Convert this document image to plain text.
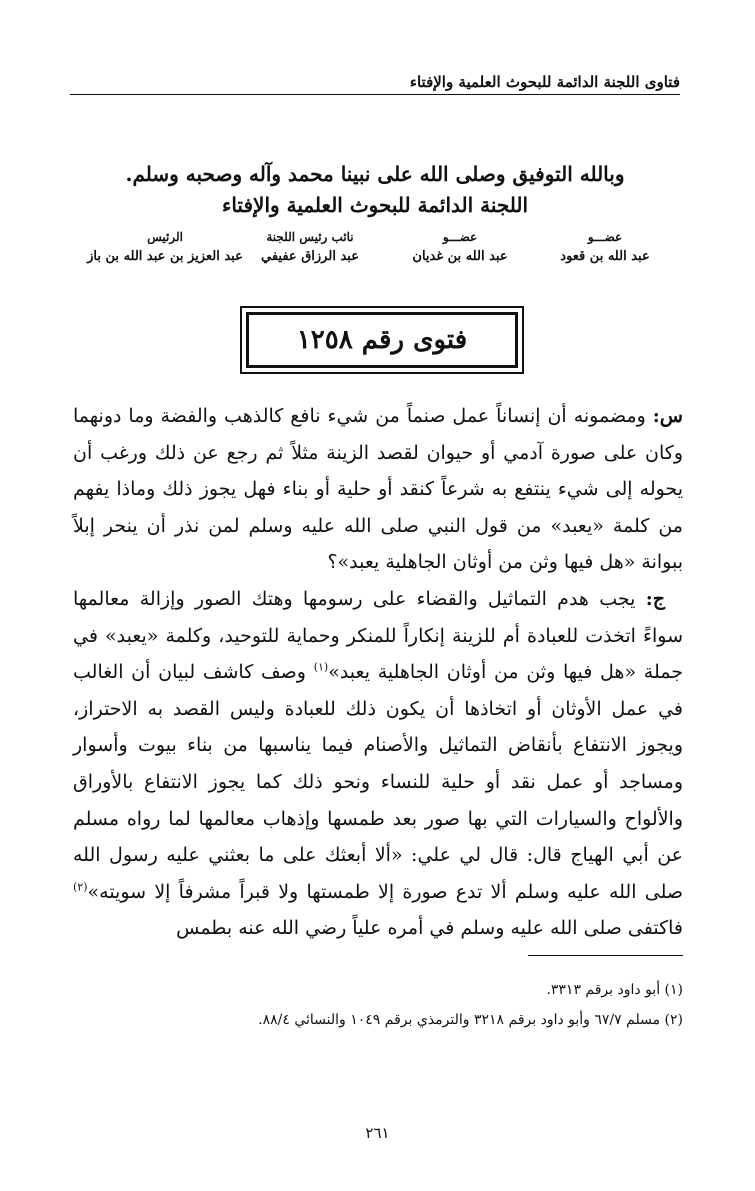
فتاوى اللجنة الدائمة للبحوث العلمية والإفتاء
وبالله التوفيق وصلى الله على نبينا محمد وآله وصحبه وسلم.
اللجنة الدائمة للبحوث العلمية والإفتاء
عضـــو
عبد الله بن قعود
عضـــو
عبد الله بن غديان
نائب رئيس اللجنة
عبد الرزاق عفيفي
الرئيس
عبد العزيز بن عبد الله بن باز
فتوى رقم ١٢٥٨

س: ومضمونه أن إنساناً عمل صنماً من شيء نافع كالذهب والفضة وما دونهما وكان على صورة آدمي أو حيوان لقصد الزينة مثلاً ثم رجع عن ذلك ورغب أن يحوله إلى شيء ينتفع به شرعاً كنقد أو حلية أو بناء فهل يجوز ذلك وماذا يفهم من كلمة «يعبد» من قول النبي صلى الله عليه وسلم لمن نذر أن ينحر إبلاً ببوانة «هل فيها وثن من أوثان الجاهلية يعبد»؟

ج: يجب هدم التماثيل والقضاء على رسومها وهتك الصور وإزالة معالمها سواءً اتخذت للعبادة أم للزينة إنكاراً للمنكر وحماية للتوحيد، وكلمة «يعبد» في جملة «هل فيها وثن من أوثان الجاهلية يعبد»$^{(١)}$ وصف كاشف لبيان أن الغالب في عمل الأوثان أو اتخاذها أن يكون ذلك للعبادة وليس القصد به الاحتراز، ويجوز الانتفاع بأنقاض التماثيل والأصنام فيما يناسبها من بناء بيوت وأسوار ومساجد أو عمل نقد أو حلية للنساء ونحو ذلك كما يجوز الانتفاع بالأوراق والألواح والسيارات التي بها صور بعد طمسها وإذهاب معالمها لما رواه مسلم عن أبي الهياج قال: قال لي علي: «ألا أبعثك على ما بعثني عليه رسول الله صلى الله عليه وسلم ألا تدع صورة إلا طمستها ولا قبراً مشرفاً إلا سويته»$^{(٢)}$ فاكتفى صلى الله عليه وسلم في أمره علياً رضي الله عنه بطمس

(١) أبو داود برقم ٣٣١٣.
(٢) مسلم ٦٧/٧ وأبو داود برقم ٣٢١٨ والترمذي برقم ١٠٤٩ والنسائي ٨٨/٤.
٢٦١
